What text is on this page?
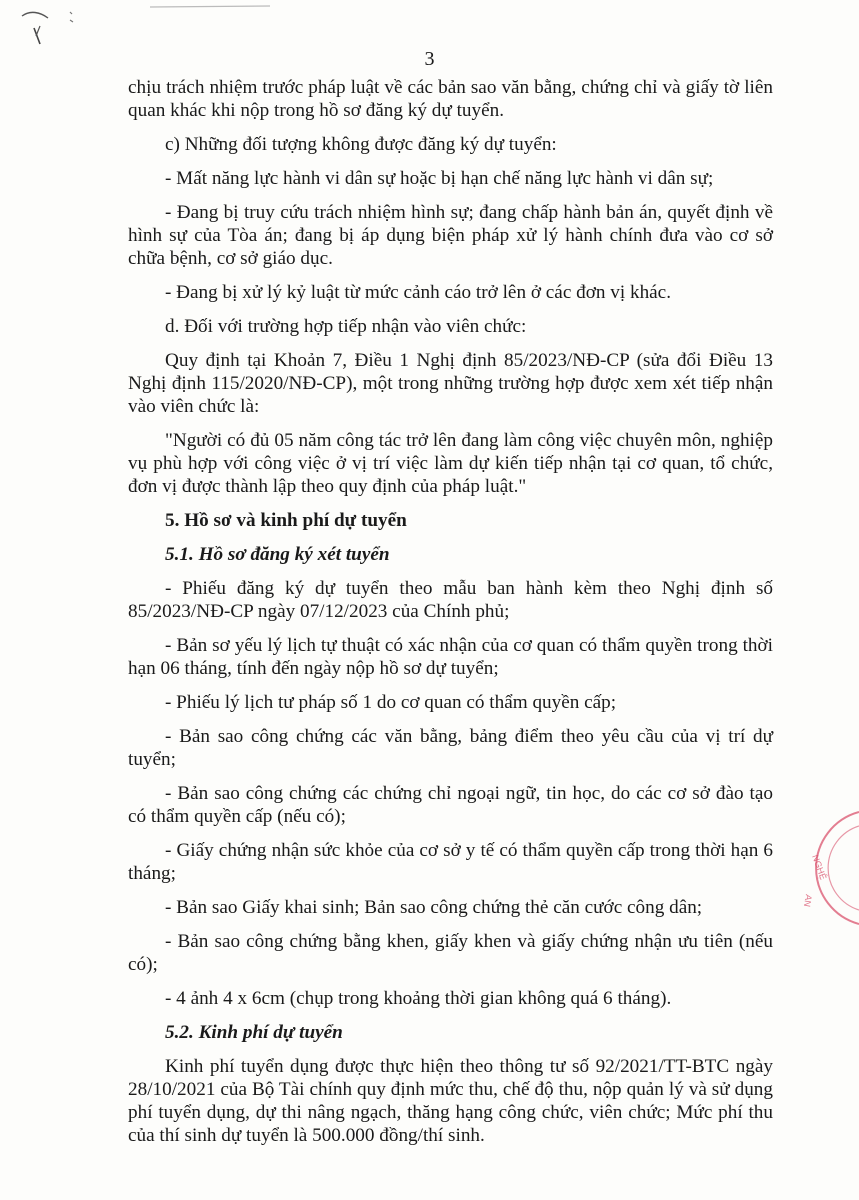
3

chịu trách nhiệm trước pháp luật về các bản sao văn bằng, chứng chỉ và giấy tờ liên quan khác khi nộp trong hồ sơ đăng ký dự tuyển.

c) Những đối tượng không được đăng ký dự tuyển:

- Mất năng lực hành vi dân sự hoặc bị hạn chế năng lực hành vi dân sự;

- Đang bị truy cứu trách nhiệm hình sự; đang chấp hành bản án, quyết định về hình sự của Tòa án; đang bị áp dụng biện pháp xử lý hành chính đưa vào cơ sở chữa bệnh, cơ sở giáo dục.

- Đang bị xử lý kỷ luật từ mức cảnh cáo trở lên ở các đơn vị khác.

d. Đối với trường hợp tiếp nhận vào viên chức:

Quy định tại Khoản 7, Điều 1 Nghị định 85/2023/NĐ-CP (sửa đổi Điều 13 Nghị định 115/2020/NĐ-CP), một trong những trường hợp được xem xét tiếp nhận vào viên chức là:

"Người có đủ 05 năm công tác trở lên đang làm công việc chuyên môn, nghiệp vụ phù hợp với công việc ở vị trí việc làm dự kiến tiếp nhận tại cơ quan, tổ chức, đơn vị được thành lập theo quy định của pháp luật."

5. Hồ sơ và kinh phí dự tuyển

5.1. Hồ sơ đăng ký xét tuyển

- Phiếu đăng ký dự tuyển theo mẫu ban hành kèm theo Nghị định số 85/2023/NĐ-CP ngày 07/12/2023 của Chính phủ;

- Bản sơ yếu lý lịch tự thuật có xác nhận của cơ quan có thẩm quyền trong thời hạn 06 tháng, tính đến ngày nộp hồ sơ dự tuyển;

- Phiếu lý lịch tư pháp số 1 do cơ quan có thẩm quyền cấp;

- Bản sao công chứng các văn bằng, bảng điểm theo yêu cầu của vị trí dự tuyển;

- Bản sao công chứng các chứng chỉ ngoại ngữ, tin học, do các cơ sở đào tạo có thẩm quyền cấp (nếu có);

- Giấy chứng nhận sức khỏe của cơ sở y tế có thẩm quyền cấp trong thời hạn 6 tháng;

- Bản sao Giấy khai sinh; Bản sao công chứng thẻ căn cước công dân;

- Bản sao công chứng bằng khen, giấy khen và giấy chứng nhận ưu tiên (nếu có);

- 4 ảnh 4 x 6cm (chụp trong khoảng thời gian không quá 6 tháng).

5.2. Kinh phí dự tuyển

Kinh phí tuyển dụng được thực hiện theo thông tư số 92/2021/TT-BTC ngày 28/10/2021 của Bộ Tài chính quy định mức thu, chế độ thu, nộp quản lý và sử dụng phí tuyển dụng, dự thi nâng ngạch, thăng hạng công chức, viên chức; Mức phí thu của thí sinh dự tuyển là 500.000 đồng/thí sinh.

NGHỆ
AN
